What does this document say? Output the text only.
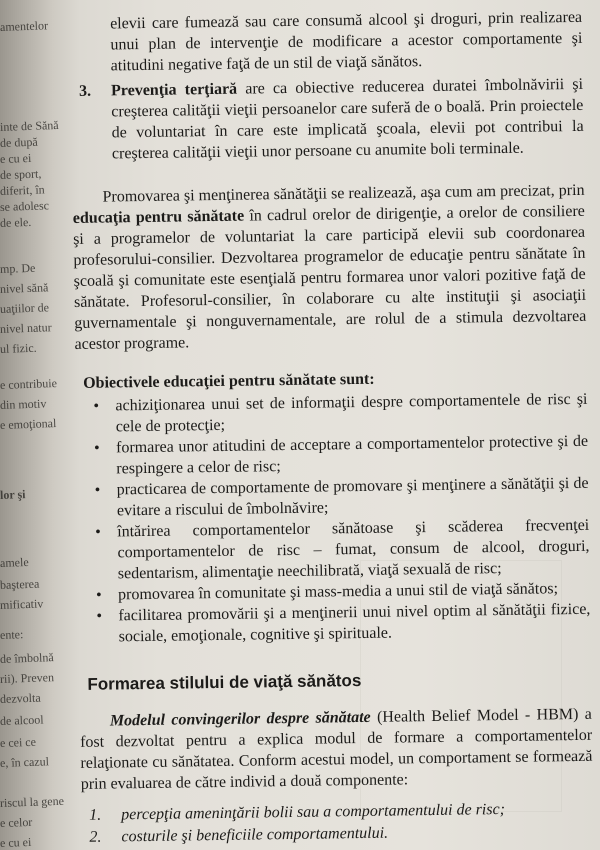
amentelor
inte de Sănă
de după
e cu ei
de sport,
diferit, în
se adolesc
de ele.
mp. De
nivel sănă
uaţiilor de
nivel natur
ul fizic.
e contribuie
din motiv
e emoţional
lor şi
amele
başterea
mificativ
ente:
de îmbolnă
rii). Preven
dezvolta
de alcool
e cei ce
e, în cazul
riscul la gene
e celor
e cu ei

elevii care fumează sau care consumă alcool şi droguri, prin realizarea unui plan de intervenţie de modificare a acestor comportamente şi atitudini negative faţă de un stil de viaţă sănătos.

3. Prevenţia terţiară are ca obiective reducerea duratei îmbolnăvirii şi creşterea calităţii vieţii persoanelor care suferă de o boală. Prin proiectele de voluntariat în care este implicată şcoala, elevii pot contribui la creşterea calităţii vieţii unor persoane cu anumite boli terminale.

Promovarea şi menţinerea sănătăţii se realizează, aşa cum am precizat, prin educaţia pentru sănătate în cadrul orelor de dirigenţie, a orelor de consiliere şi a programelor de voluntariat la care participă elevii sub coordonarea profesorului-consilier. Dezvoltarea programelor de educaţie pentru sănătate în şcoală şi comunitate este esenţială pentru formarea unor valori pozitive faţă de sănătate. Profesorul-consilier, în colaborare cu alte instituţii şi asociaţii guvernamentale şi nonguvernamentale, are rolul de a stimula dezvoltarea acestor programe.

Obiectivele educaţiei pentru sănătate sunt:

• achiziţionarea unui set de informaţii despre comportamentele de risc şi cele de protecţie;
• formarea unor atitudini de acceptare a comportamentelor protective şi de respingere a celor de risc;
• practicarea de comportamente de promovare şi menţinere a sănătăţii şi de evitare a riscului de îmbolnăvire;
• întărirea comportamentelor sănătoase şi scăderea frecvenţei comportamentelor de risc – fumat, consum de alcool, droguri, sedentarism, alimentaţie neechilibrată, viaţă sexuală de risc;
• promovarea în comunitate şi mass-media a unui stil de viaţă sănătos;
• facilitarea promovării şi a menţinerii unui nivel optim al sănătăţii fizice, sociale, emoţionale, cognitive şi spirituale.
Formarea stilului de viaţă sănătos

Modelul convingerilor despre sănătate (Health Belief Model - HBM) a fost dezvoltat pentru a explica modul de formare a comportamentelor relaţionate cu sănătatea. Conform acestui model, un comportament se formează prin evaluarea de către individ a două componente:

1. percepţia ameninţării bolii sau a comportamentului de risc;
2. costurile şi beneficiile comportamentului.
